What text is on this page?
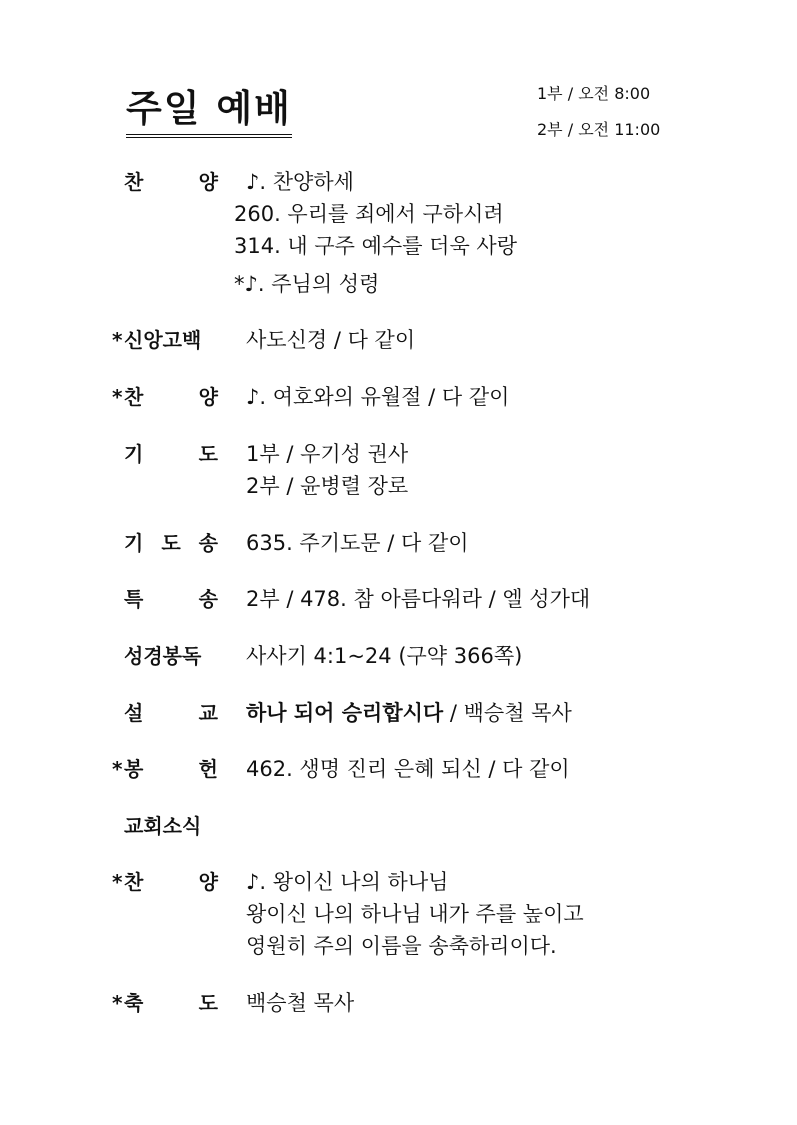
주일 예배	1부 / 오전 8:00
2부 / 오전 11:00
찬	양 ♪. 찬양하세
260. 우리를 죄에서 구하시려
314. 내 구주 예수를 더욱 사랑
*♪. 주님의 성령
* 신앙고백	사도신경 / 다 같이
* 찬	양 ♪. 여호와의 유월절 / 다 같이
기	도 1부 / 우기성 권사
2부 / 윤병렬 장로
기 도 송 635. 주기도문 / 다 같이
특	송 2부 / 478. 참 아름다워라 / 엘 성가대
성경봉독	사사기 4:1~24 (구약 366쪽)
설	교 하나 되어 승리합시다 / 백승철 목사
* 봉	헌 462. 생명 진리 은혜 되신 / 다 같이
교회소식
* 찬	양 ♪. 왕이신 나의 하나님
왕이신 나의 하나님 내가 주를 높이고
영원히 주의 이름을 송축하리이다.
* 축	도 백승철 목사
